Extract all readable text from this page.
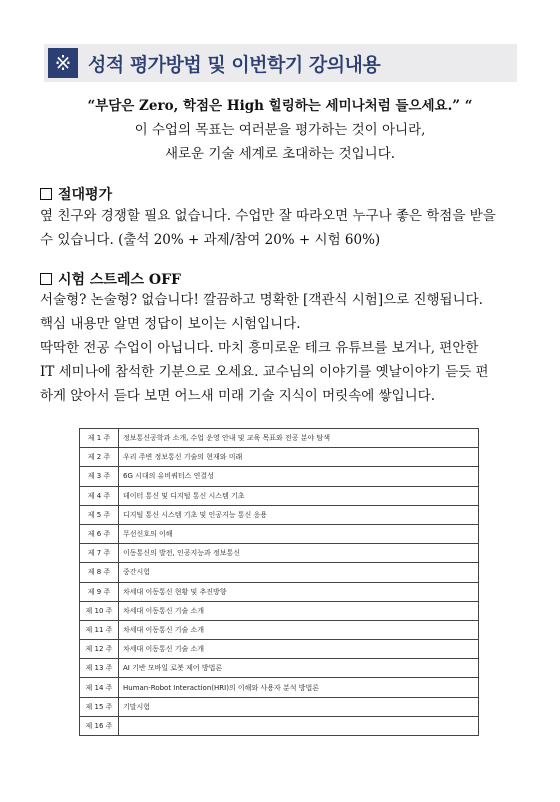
※ 성적 평가방법 및 이번학기 강의내용
“부담은 Zero, 학점은 High 힐링하는 세미나처럼 들으세요.” “
이 수업의 목표는 여러분을 평가하는 것이 아니라,
새로운 기술 세계로 초대하는 것입니다.
절대평가
옆 친구와 경쟁할 필요 없습니다. 수업만 잘 따라오면 누구나 좋은 학점을 받을
수 있습니다. (출석 20% + 과제/참여 20% + 시험 60%)
시험 스트레스 OFF
서술형? 논술형? 없습니다! 깔끔하고 명확한 [객관식 시험]으로 진행됩니다.
핵심 내용만 알면 정답이 보이는 시험입니다.
딱딱한 전공 수업이 아닙니다. 마치 흥미로운 테크 유튜브를 보거나, 편안한
IT 세미나에 참석한 기분으로 오세요. 교수님의 이야기를 옛날이야기 듣듯 편
하게 앉아서 듣다 보면 어느새 미래 기술 지식이 머릿속에 쌓입니다.
제 1 주	정보통신공학과 소개, 수업 운영 안내 및 교육 목표와 전공 분야 탐색
제 2 주	우리 주변 정보통신 기술의 현재와 미래
제 3 주	6G 시대의 유비쿼터스 연결성
제 4 주	데이터 통신 및 디지털 통신 시스템 기초
제 5 주	디지털 통신 시스템 기초 및 인공지능 통신 응용
제 6 주	무선신호의 이해
제 7 주	이동통신의 발전, 인공지능과 정보통신
제 8 주	중간시험
제 9 주	차세대 이동통신 현황 및 추진방향
제 10 주	차세대 이동통신 기술 소개
제 11 주	차세대 이동통신 기술 소개
제 12 주	차세대 이동통신 기술 소개
제 13 주	AI 기반 모바일 로봇 제어 방법론
제 14 주	Human-Robot Interaction(HRI)의 이해와 사용자 분석 방법론
제 15 주	기말시험
제 16 주	
